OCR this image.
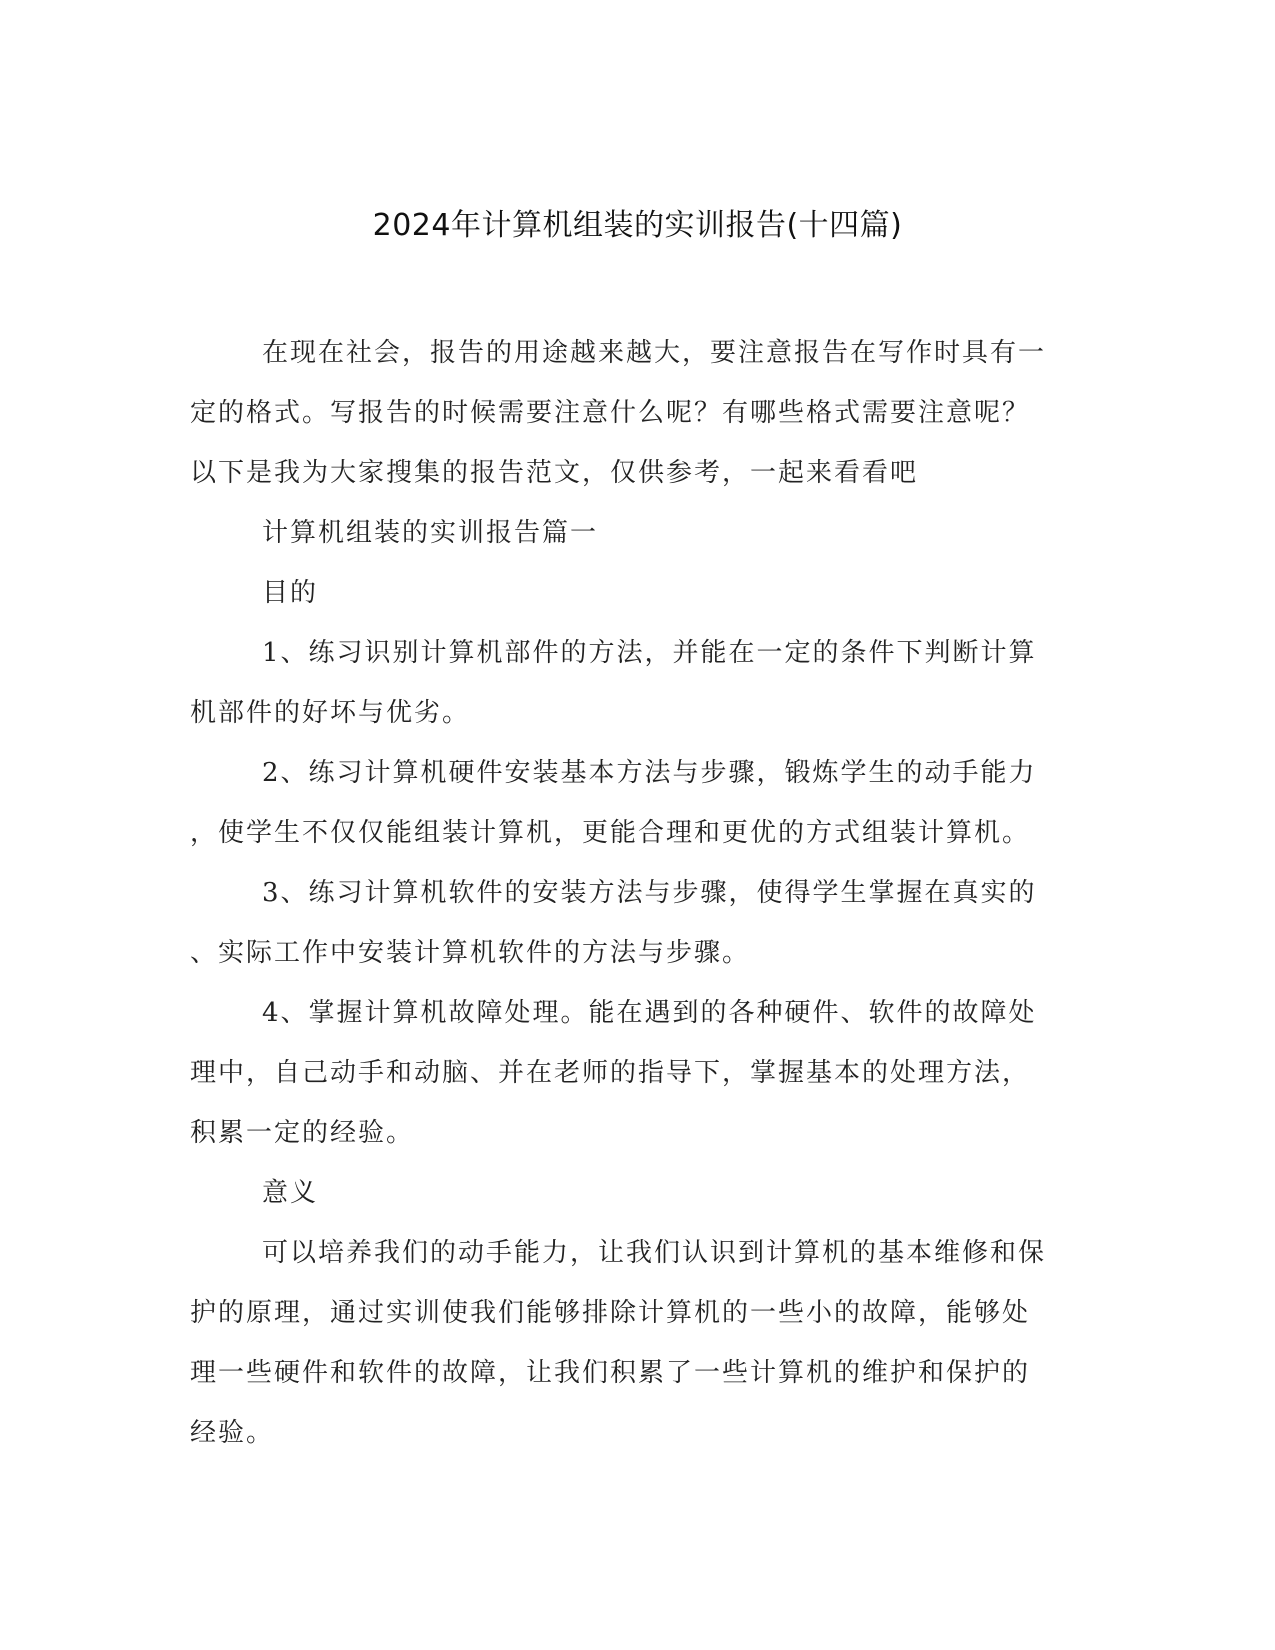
2024年计算机组装的实训报告(十四篇)
在现在社会，报告的用途越来越大，要注意报告在写作时具有一
定的格式。写报告的时候需要注意什么呢？有哪些格式需要注意呢？
以下是我为大家搜集的报告范文，仅供参考，一起来看看吧
计算机组装的实训报告篇一
目的
1、练习识别计算机部件的方法，并能在一定的条件下判断计算
机部件的好坏与优劣。
2、练习计算机硬件安装基本方法与步骤，锻炼学生的动手能力
，使学生不仅仅能组装计算机，更能合理和更优的方式组装计算机。
3、练习计算机软件的安装方法与步骤，使得学生掌握在真实的
、实际工作中安装计算机软件的方法与步骤。
4、掌握计算机故障处理。能在遇到的各种硬件、软件的故障处
理中，自己动手和动脑、并在老师的指导下，掌握基本的处理方法，
积累一定的经验。
意义
可以培养我们的动手能力，让我们认识到计算机的基本维修和保
护的原理，通过实训使我们能够排除计算机的一些小的故障，能够处
理一些硬件和软件的故障，让我们积累了一些计算机的维护和保护的
经验。
